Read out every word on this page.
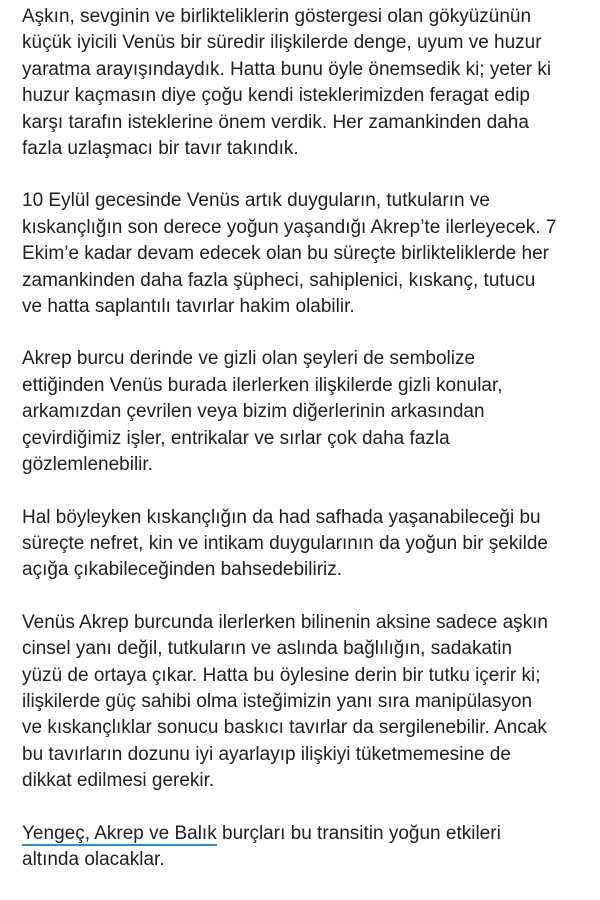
Aşkın, sevginin ve birlikteliklerin göstergesi olan gökyüzünün
küçük iyicili Venüs bir süredir ilişkilerde denge, uyum ve huzur
yaratma arayışındaydık. Hatta bunu öyle önemsedik ki; yeter ki
huzur kaçmasın diye çoğu kendi isteklerimizden feragat edip
karşı tarafın isteklerine önem verdik. Her zamankinden daha
fazla uzlaşmacı bir tavır takındık.

10 Eylül gecesinde Venüs artık duyguların, tutkuların ve
kıskançlığın son derece yoğun yaşandığı Akrep’te ilerleyecek. 7
Ekim’e kadar devam edecek olan bu süreçte birlikteliklerde her
zamankinden daha fazla şüpheci, sahiplenici, kıskanç, tutucu
ve hatta saplantılı tavırlar hakim olabilir.

Akrep burcu derinde ve gizli olan şeyleri de sembolize
ettiğinden Venüs burada ilerlerken ilişkilerde gizli konular,
arkamızdan çevrilen veya bizim diğerlerinin arkasından
çevirdiğimiz işler, entrikalar ve sırlar çok daha fazla
gözlemlenebilir.

Hal böyleyken kıskançlığın da had safhada yaşanabileceği bu
süreçte nefret, kin ve intikam duygularının da yoğun bir şekilde
açığa çıkabileceğinden bahsedebiliriz.

Venüs Akrep burcunda ilerlerken bilinenin aksine sadece aşkın
cinsel yanı değil, tutkuların ve aslında bağlılığın, sadakatin
yüzü de ortaya çıkar. Hatta bu öylesine derin bir tutku içerir ki;
ilişkilerde güç sahibi olma isteğimizin yanı sıra manipülasyon
ve kıskançlıklar sonucu baskıcı tavırlar da sergilenebilir. Ancak
bu tavırların dozunu iyi ayarlayıp ilişkiyi tüketmemesine de
dikkat edilmesi gerekir.

Yengeç, Akrep ve Balık burçları bu transitin yoğun etkileri
altında olacaklar.
